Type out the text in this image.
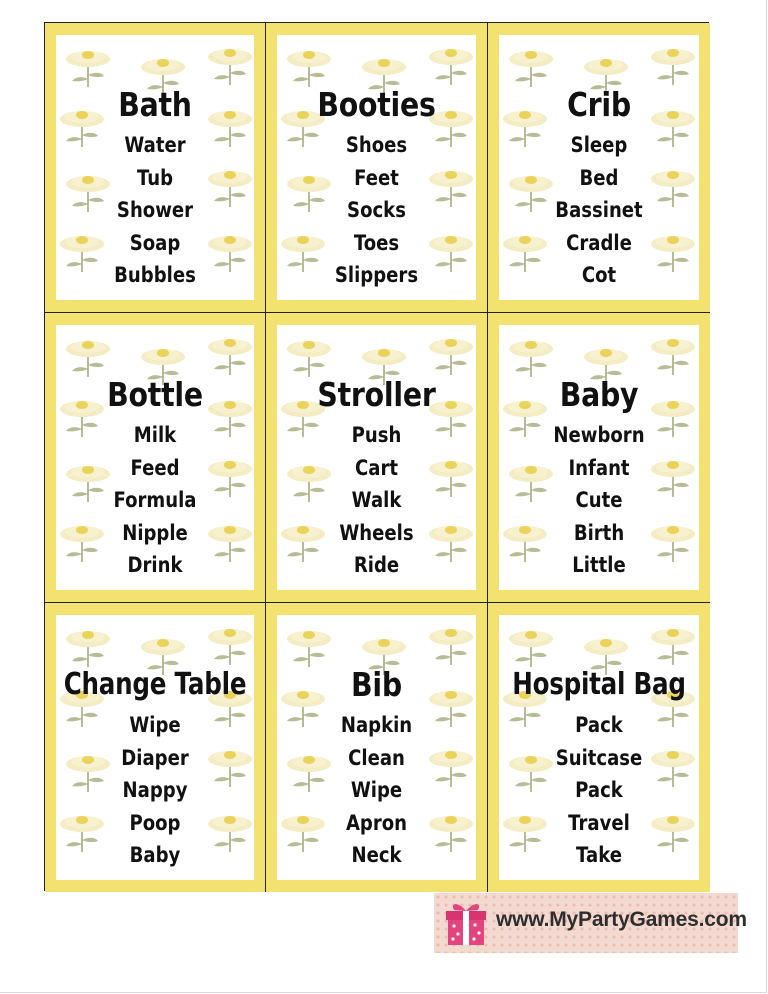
Bath
Water
Tub
Shower
Soap
Bubbles
Booties
Shoes
Feet
Socks
Toes
Slippers
Crib
Sleep
Bed
Bassinet
Cradle
Cot
Bottle
Milk
Feed
Formula
Nipple
Drink
Stroller
Push
Cart
Walk
Wheels
Ride
Baby
Newborn
Infant
Cute
Birth
Little
Change Table
Wipe
Diaper
Nappy
Poop
Baby
Bib
Napkin
Clean
Wipe
Apron
Neck
Hospital Bag
Pack
Suitcase
Pack
Travel
Take
www.MyPartyGames.com
